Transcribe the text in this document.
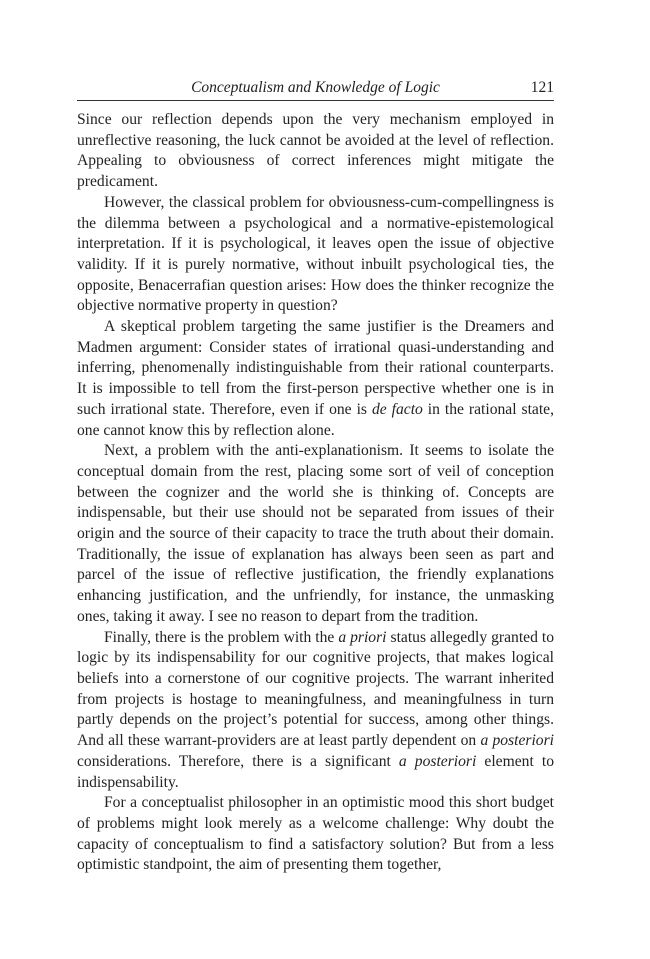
Conceptualism and Knowledge of Logic	121

Since our reflection depends upon the very mechanism employed in unreflective reasoning, the luck cannot be avoided at the level of reflection. Appealing to obviousness of correct inferences might mitigate the predicament.

However, the classical problem for obviousness-cum-compellingness is the dilemma between a psychological and a normative-epistemological interpretation. If it is psychological, it leaves open the issue of objective validity. If it is purely normative, without inbuilt psychological ties, the opposite, Benacerrafian question arises: How does the thinker recognize the objective normative property in question?

A skeptical problem targeting the same justifier is the Dreamers and Madmen argument: Consider states of irrational quasi-understanding and inferring, phenomenally indistinguishable from their rational counterparts. It is impossible to tell from the first-person perspective whether one is in such irrational state. Therefore, even if one is de facto in the rational state, one cannot know this by reflection alone.

Next, a problem with the anti-explanationism. It seems to isolate the conceptual domain from the rest, placing some sort of veil of conception between the cognizer and the world she is thinking of. Concepts are indispensable, but their use should not be separated from issues of their origin and the source of their capacity to trace the truth about their domain. Traditionally, the issue of explanation has always been seen as part and parcel of the issue of reflective justification, the friendly explanations enhancing justification, and the unfriendly, for instance, the unmasking ones, taking it away. I see no reason to depart from the tradition.

Finally, there is the problem with the a priori status allegedly granted to logic by its indispensability for our cognitive projects, that makes logical beliefs into a cornerstone of our cognitive projects. The warrant inherited from projects is hostage to meaningfulness, and meaningfulness in turn partly depends on the project’s potential for success, among other things. And all these warrant-providers are at least partly dependent on a posteriori considerations. Therefore, there is a significant a posteriori element to indispensability.

For a conceptualist philosopher in an optimistic mood this short budget of problems might look merely as a welcome challenge: Why doubt the capacity of conceptualism to find a satisfactory solution? But from a less optimistic standpoint, the aim of presenting them together,
